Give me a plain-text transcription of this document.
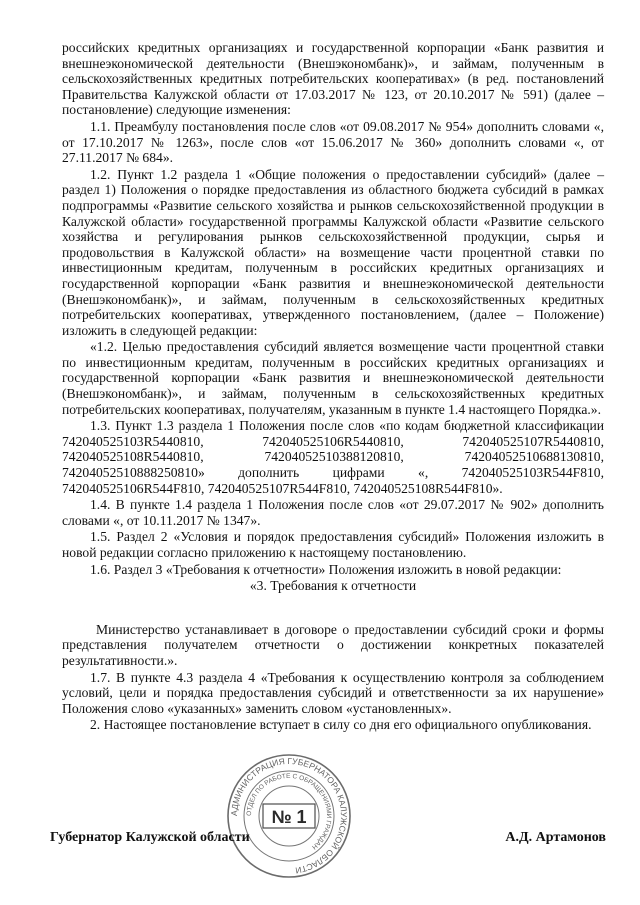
российских кредитных организациях и государственной корпорации «Банк развития и внешнеэкономической деятельности (Внешэкономбанк)», и займам, полученным в сельскохозяйственных кредитных потребительских кооперативах» (в ред. постановлений Правительства Калужской области от 17.03.2017 № 123, от 20.10.2017 № 591) (далее – постановление) следующие изменения:

1.1. Преамбулу постановления после слов «от 09.08.2017 № 954» дополнить словами «, от 17.10.2017 № 1263», после слов «от 15.06.2017 № 360» дополнить словами «, от 27.11.2017 № 684».

1.2. Пункт 1.2 раздела 1 «Общие положения о предоставлении субсидий» (далее – раздел 1) Положения о порядке предоставления из областного бюджета субсидий в рамках подпрограммы «Развитие сельского хозяйства и рынков сельскохозяйственной продукции в Калужской области» государственной программы Калужской области «Развитие сельского хозяйства и регулирования рынков сельскохозяйственной продукции, сырья и продовольствия в Калужской области» на возмещение части процентной ставки по инвестиционным кредитам, полученным в российских кредитных организациях и государственной корпорации «Банк развития и внешнеэкономической деятельности (Внешэкономбанк)», и займам, полученным в сельскохозяйственных кредитных потребительских кооперативах, утвержденного постановлением, (далее – Положение) изложить в следующей редакции:

«1.2. Целью предоставления субсидий является возмещение части процентной ставки по инвестиционным кредитам, полученным в российских кредитных организациях и государственной корпорации «Банк развития и внешнеэкономической деятельности (Внешэкономбанк)», и займам, полученным в сельскохозяйственных кредитных потребительских кооперативах, получателям, указанным в пункте 1.4 настоящего Порядка.».

1.3. Пункт 1.3 раздела 1 Положения после слов «по кодам бюджетной классификации 742040525103R5440810, 742040525106R5440810, 742040525107R5440810, 742040525108R5440810, 74204052510388120810, 74204052510688130810, 74204052510888250810» дополнить цифрами «, 742040525103R544F810, 742040525106R544F810, 742040525107R544F810, 742040525108R544F810».

1.4. В пункте 1.4 раздела 1 Положения после слов «от 29.07.2017 № 902» дополнить словами «, от 10.11.2017 № 1347».

1.5. Раздел 2 «Условия и порядок предоставления субсидий» Положения изложить в новой редакции согласно приложению к настоящему постановлению.

1.6. Раздел 3 «Требования к отчетности» Положения изложить в новой редакции:

«3. Требования к отчетности

Министерство устанавливает в договоре о предоставлении субсидий сроки и формы представления получателем отчетности о достижении конкретных показателей результативности.».

1.7. В пункте 4.3 раздела 4 «Требования к осуществлению контроля за соблюдением условий, цели и порядка предоставления субсидий и ответственности за их нарушение» Положения слово «указанных» заменить словом «установленных».

2. Настоящее постановление вступает в силу со дня его официального опубликования.

АДМИНИСТРАЦИЯ ГУБЕРНАТОРА КАЛУЖСКОЙ ОБЛАСТИ
ОТДЕЛ ПО РАБОТЕ С ОБРАЩЕНИЯМИ ГРАЖДАН
№ 1
Губернатор Калужской области	А.Д. Артамонов
